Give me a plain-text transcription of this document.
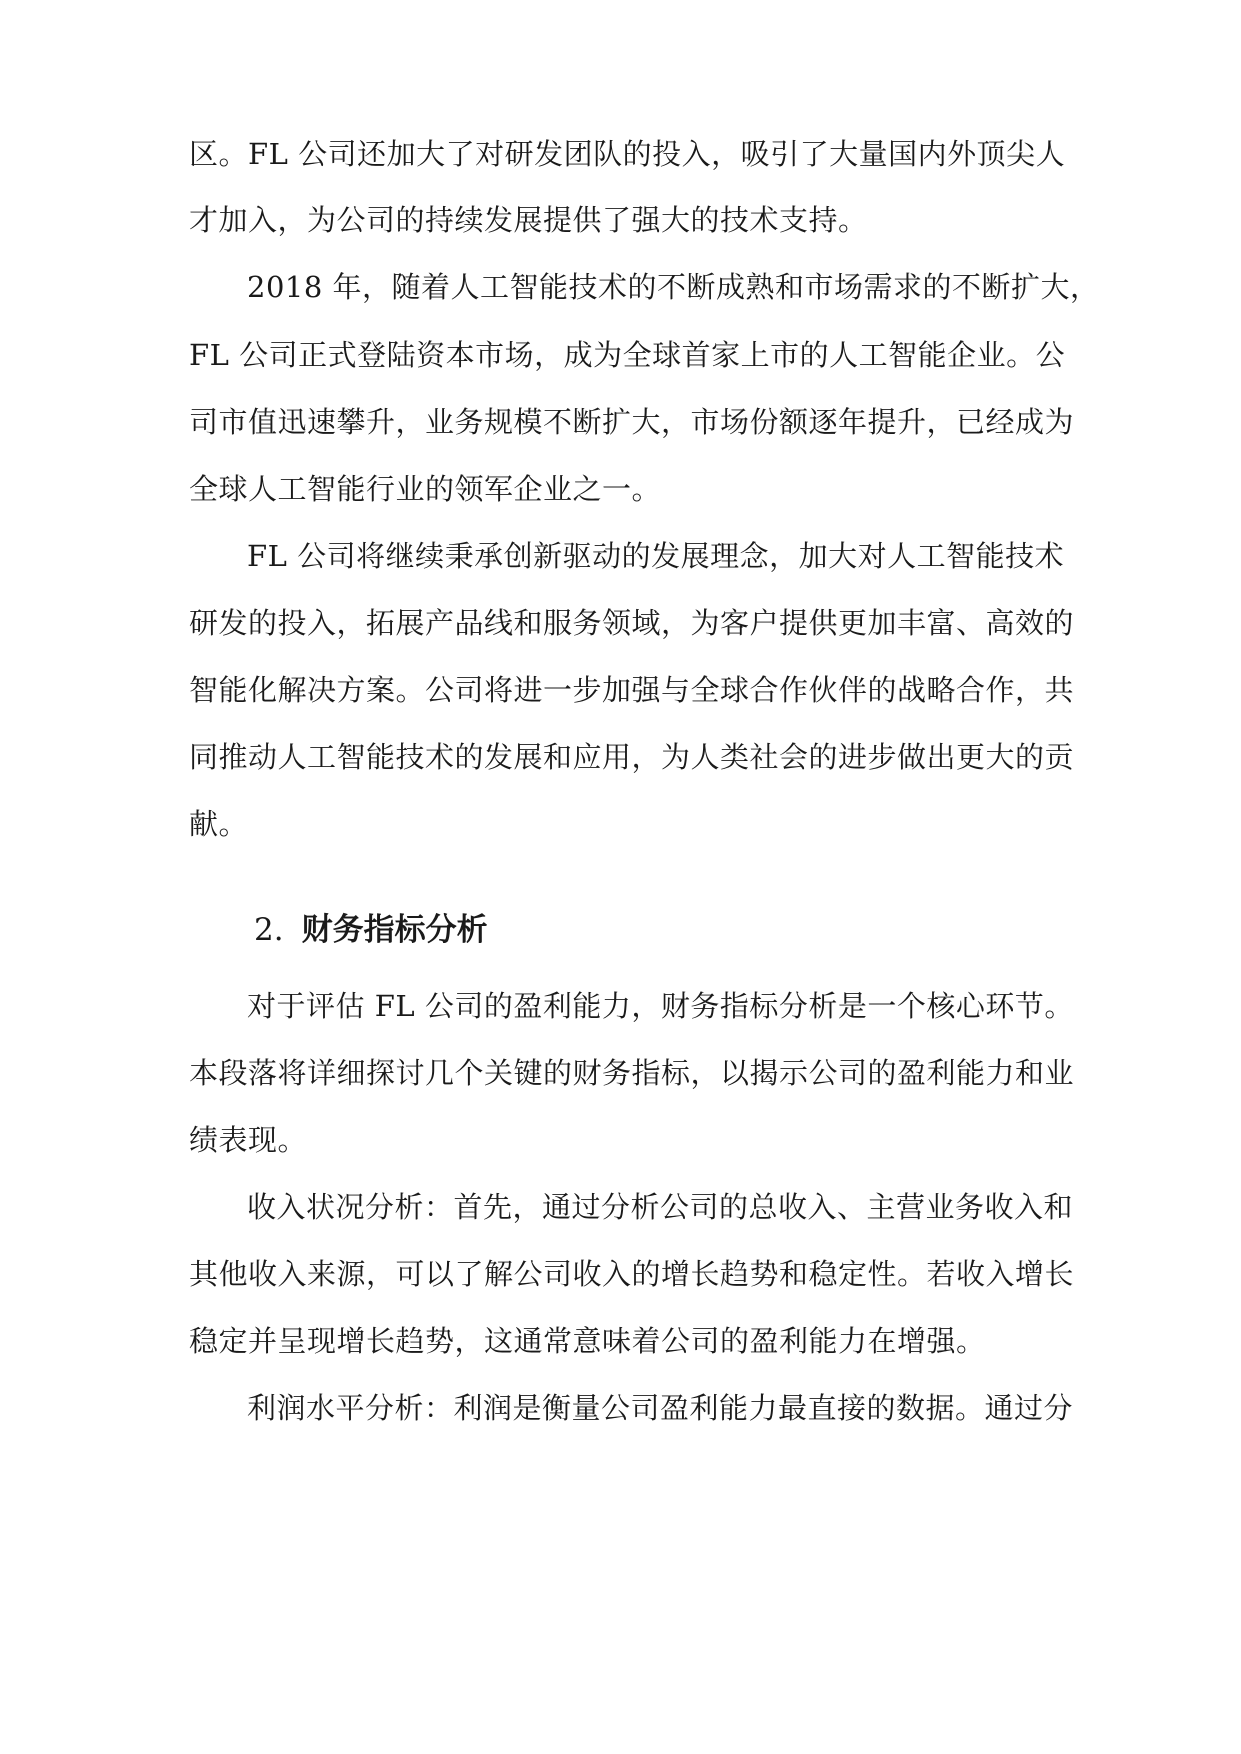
区。FL 公司还加大了对研发团队的投入，吸引了大量国内外顶尖人
才加入，为公司的持续发展提供了强大的技术支持。
2018 年，随着人工智能技术的不断成熟和市场需求的不断扩大，
FL 公司正式登陆资本市场，成为全球首家上市的人工智能企业。公
司市值迅速攀升，业务规模不断扩大，市场份额逐年提升，已经成为
全球人工智能行业的领军企业之一。
FL 公司将继续秉承创新驱动的发展理念，加大对人工智能技术
研发的投入，拓展产品线和服务领域，为客户提供更加丰富、高效的
智能化解决方案。公司将进一步加强与全球合作伙伴的战略合作，共
同推动人工智能技术的发展和应用，为人类社会的进步做出更大的贡
献。
2. 财务指标分析
对于评估 FL 公司的盈利能力，财务指标分析是一个核心环节。
本段落将详细探讨几个关键的财务指标，以揭示公司的盈利能力和业
绩表现。
收入状况分析：首先，通过分析公司的总收入、主营业务收入和
其他收入来源，可以了解公司收入的增长趋势和稳定性。若收入增长
稳定并呈现增长趋势，这通常意味着公司的盈利能力在增强。
利润水平分析：利润是衡量公司盈利能力最直接的数据。通过分
